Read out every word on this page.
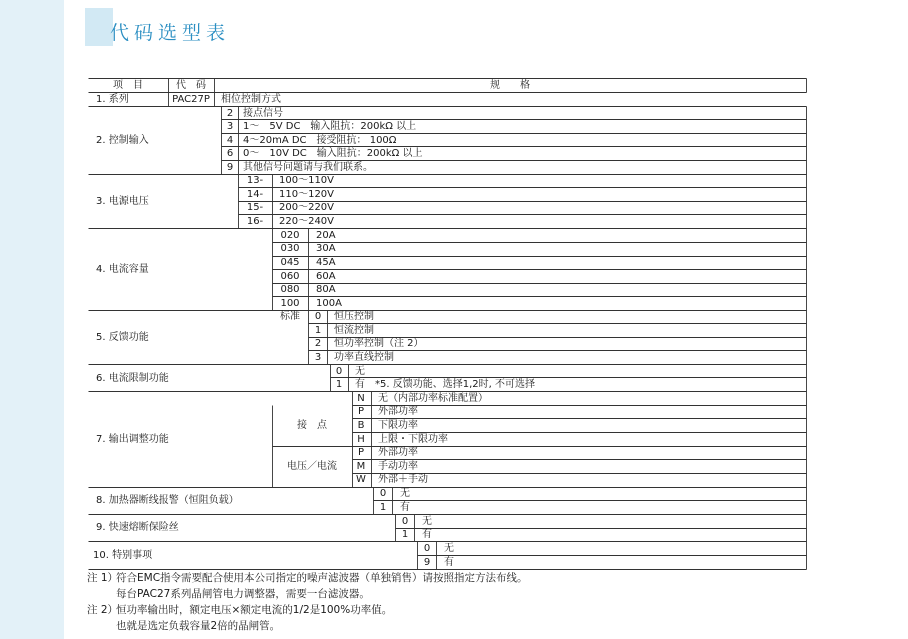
代码选型表
项　目	代　码	规　　格
1. 系列	PAC27P	相位控制方式
2. 控制输入
2 接点信号
3 1～　5V DC　输入阻抗：200kΩ 以上
4 4～20mA DC　接受阻抗： 100Ω
6 0～　10V DC　输入阻抗：200kΩ 以上
9 其他信号问题请与我们联系。
3. 电源电压
13-	100～110V
14-	110～120V
15-	200～220V
16-	220～240V
4. 电流容量
020	20A
030	30A
045	45A
060	60A
080	80A
100	100A
5. 反馈功能
标准	0	恒压控制
1	恒流控制
2	恒功率控制（注 2）
3	功率直线控制
6. 电流限制功能
0	无
1	有　*5. 反馈功能、选择1,2时, 不可选择
7. 输出调整功能
N	无（内部功率标准配置）
接　点
P	外部功率
B	下限功率
H	上限・下限功率
电压／电流
P	外部功率
M	手动功率
W	外部＋手动
8. 加热器断线报警（恒阻负载）
0	无
1	有
9. 快速熔断保险丝
0	无
1	有
10. 特别事项
0	无
9	有
注 1）
符合EMC指令需要配合使用本公司指定的噪声滤波器（单独销售）请按照指定方法布线。
每台PAC27系列晶闸管电力调整器，需要一台滤波器。
注 2）
恒功率输出时，额定电压×额定电流的1/2是100%功率值。
也就是选定负载容量2倍的晶闸管。
